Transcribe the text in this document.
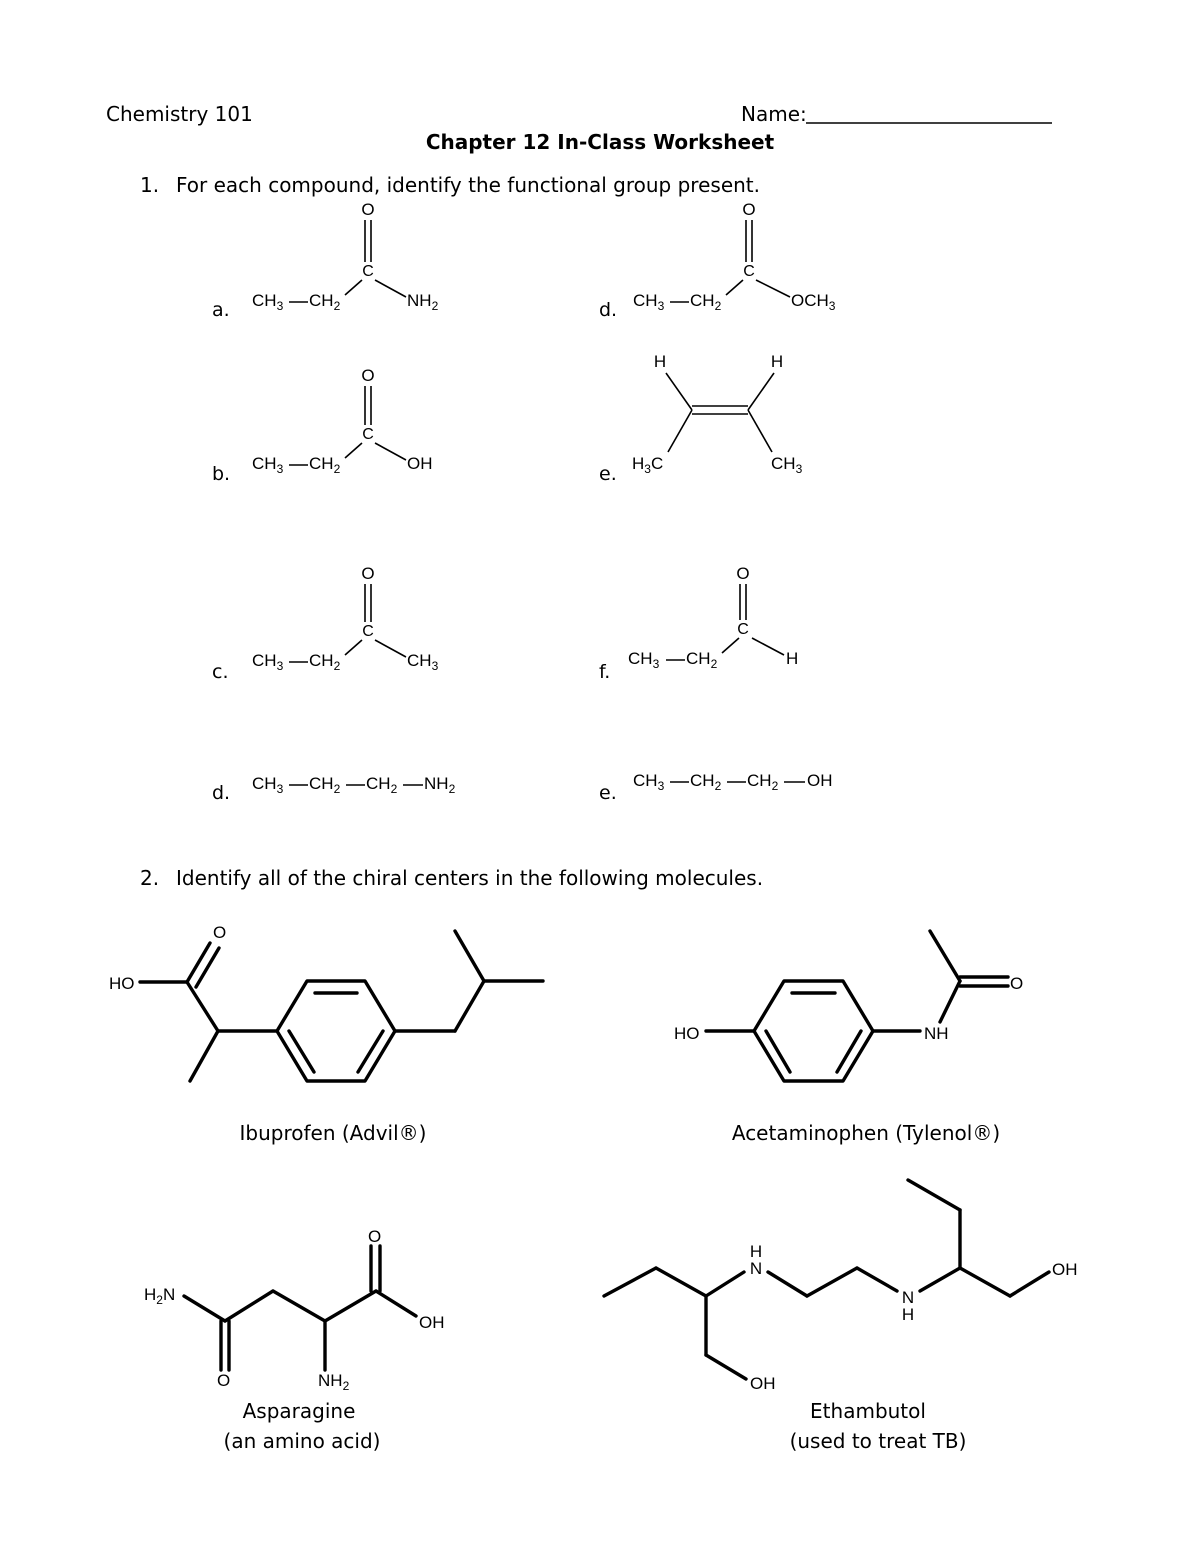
Chemistry 101	Name:
Chapter 12 In-Class Worksheet
1. For each compound, identify the functional group present.
a.
O
C
$CH_3$ $CH_2$	$NH_2$	d.
O
C
$CH_3$ $CH_2$	$OCH_3$
b.
O
C
$CH_3$ $CH_2$	OH	e.
H	H
$H_3C$	$CH_3$
c.
O
C
$CH_3$ $CH_2$	$CH_3$	f.
O
C
$CH_3$ $CH_2$	H
d. $CH_3$ $CH_2$ $CH_2$ $NH_2$	e.
$CH_3$ $CH_2$ $CH_2$ OH
2. Identify all of the chiral centers in the following molecules.
HO
O
Ibuprofen (Advil®)
HO	NH
O
Acetaminophen (Tylenol®)
$H_2N$
O
O
OH
$NH_2$
Asparagine
(an amino acid)
H
N
N
H
OH
OH
Ethambutol
(used to treat TB)
